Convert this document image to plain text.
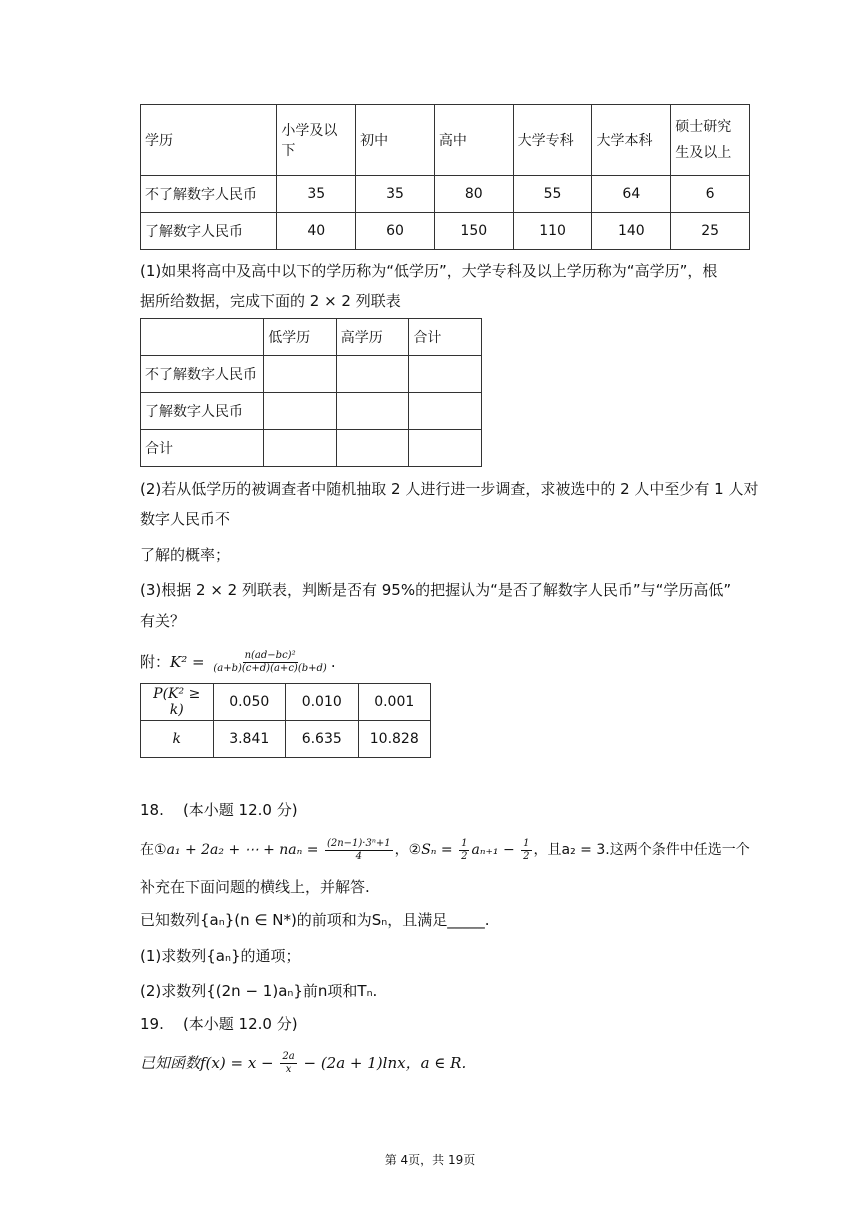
学历	小学及以下	初中	高中	大学专科	大学本科	硕士研究生及以上
不了解数字人民币	35	35	80	55	64	6
了解数字人民币	40	60	150	110	140	25
(1)如果将高中及高中以下的学历称为“低学历”，大学专科及以上学历称为“高学历”，根
据所给数据，完成下面的 2 × 2 列联表
	低学历	高学历	合计
不了解数字人民币			
了解数字人民币			
合计			
(2)若从低学历的被调查者中随机抽取 2 人进行进一步调查，求被选中的 2 人中至少有 1 人对
数字人民币不
了解的概率；
(3)根据 2 × 2 列联表，判断是否有 95%的把握认为“是否了解数字人民币”与“学历高低”
有关？
附：$K^2 = \frac{\text{n(ad−bc)²}}{(a+b)(c+d)(a+c)(b+d)}$ .
P(K² ≥ k)	0.050	0.010	0.001
k	3.841	6.635	10.828
18. (本小题 12.0 分)
在①a₁ + 2a₂ + ⋯ + $na_n = \frac{\text{(2n−1)·3ⁿ+1}}{4}$ ，②Sₙ = $\frac{1}{2} a_{n+1} - \frac{1}{2}$ ，且a₂ = 3.这两个条件中任选一个
补充在下面问题的横线上，并解答.
已知数列{aₙ}(n ∈ N*)的前项和为Sₙ，且满足_____.
(1)求数列{aₙ}的通项；
(2)求数列{(2n − 1)aₙ}前n项和Tₙ.
19. (本小题 12.0 分)
已知函数$f(x) = x - \frac{2a}{x} - (2a + 1)\ln x$，a ∈ R.
第 4页，共 19页
